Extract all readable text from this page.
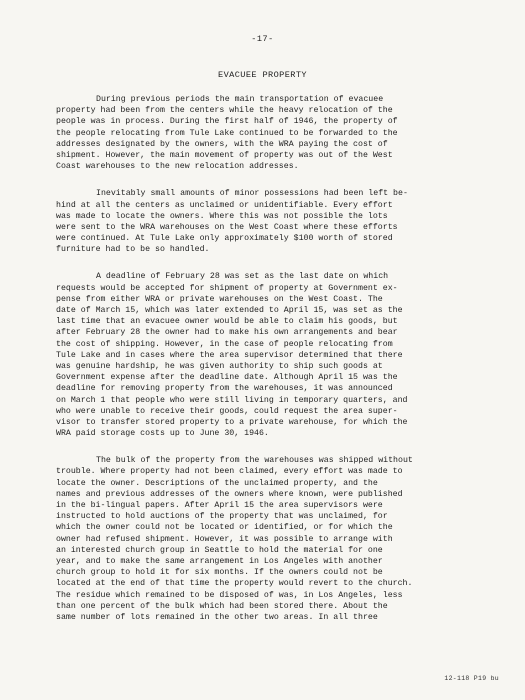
-17-
EVACUEE PROPERTY
During previous periods the main transportation of evacuee
property had been from the centers while the heavy relocation of the
people was in process. During the first half of 1946, the property of
the people relocating from Tule Lake continued to be forwarded to the
addresses designated by the owners, with the WRA paying the cost of
shipment. However, the main movement of property was out of the West
Coast warehouses to the new relocation addresses.
Inevitably small amounts of minor possessions had been left be-
hind at all the centers as unclaimed or unidentifiable. Every effort
was made to locate the owners. Where this was not possible the lots
were sent to the WRA warehouses on the West Coast where these efforts
were continued. At Tule Lake only approximately $100 worth of stored
furniture had to be so handled.
A deadline of February 28 was set as the last date on which
requests would be accepted for shipment of property at Government ex-
pense from either WRA or private warehouses on the West Coast. The
date of March 15, which was later extended to April 15, was set as the
last time that an evacuee owner would be able to claim his goods, but
after February 28 the owner had to make his own arrangements and bear
the cost of shipping. However, in the case of people relocating from
Tule Lake and in cases where the area supervisor determined that there
was genuine hardship, he was given authority to ship such goods at
Government expense after the deadline date. Although April 15 was the
deadline for removing property from the warehouses, it was announced
on March 1 that people who were still living in temporary quarters, and
who were unable to receive their goods, could request the area super-
visor to transfer stored property to a private warehouse, for which the
WRA paid storage costs up to June 30, 1946.
The bulk of the property from the warehouses was shipped without
trouble. Where property had not been claimed, every effort was made to
locate the owner. Descriptions of the unclaimed property, and the
names and previous addresses of the owners where known, were published
in the bi-lingual papers. After April 15 the area supervisors were
instructed to hold auctions of the property that was unclaimed, for
which the owner could not be located or identified, or for which the
owner had refused shipment. However, it was possible to arrange with
an interested church group in Seattle to hold the material for one
year, and to make the same arrangement in Los Angeles with another
church group to hold it for six months. If the owners could not be
located at the end of that time the property would revert to the church.
The residue which remained to be disposed of was, in Los Angeles, less
than one percent of the bulk which had been stored there. About the
same number of lots remained in the other two areas. In all three
12-118 P19 bu
